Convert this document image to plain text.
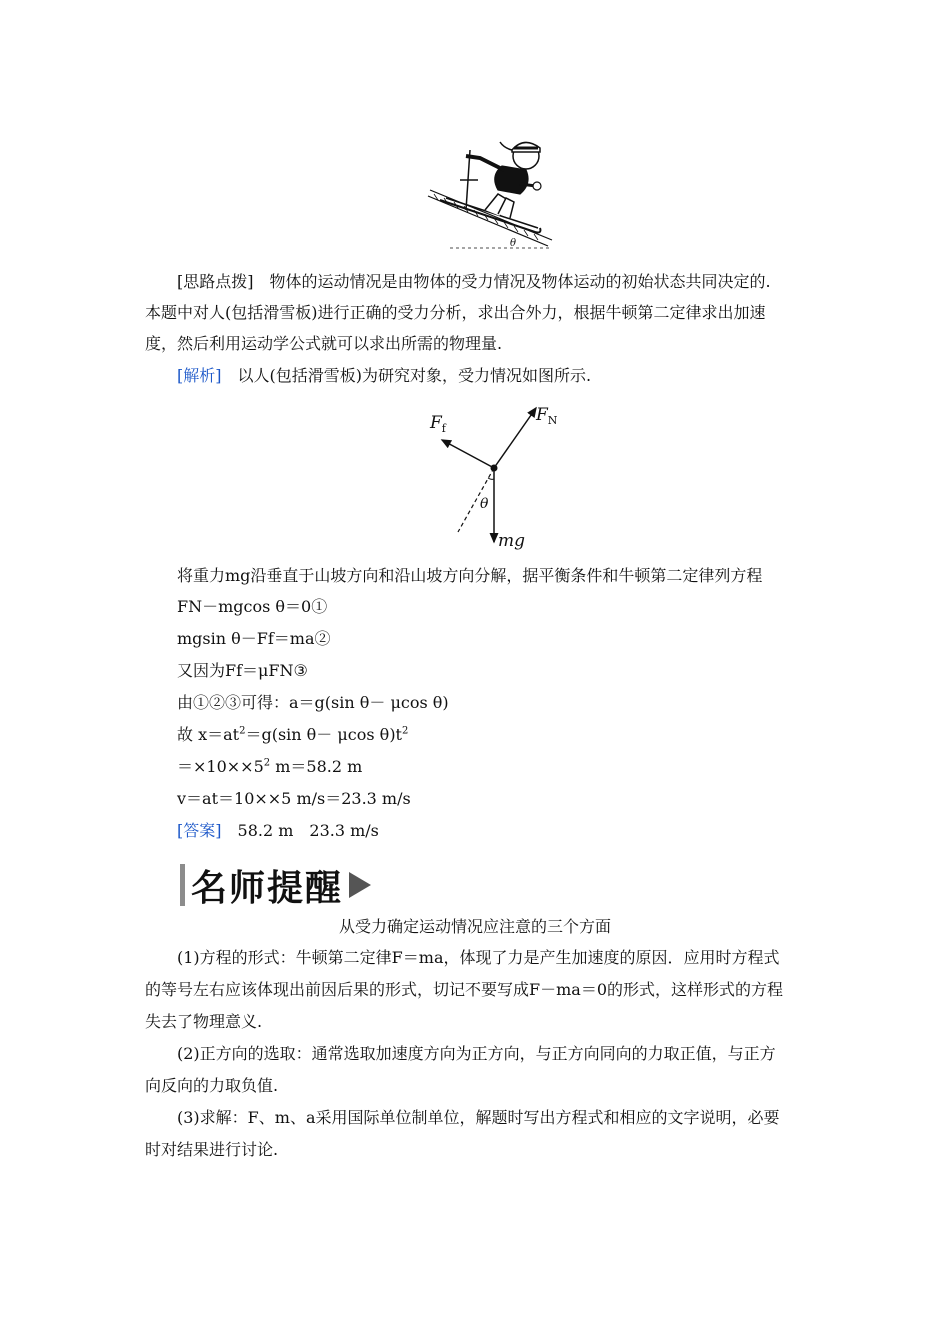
θ
[思路点拨]　 物体的运动情况是由物体的受力情况及物体运动的初始状态共同决定的.
本题中对人(包括滑雪板)进行正确的受力分析，求出合外力，根据牛顿第二定律求出加速
度，然后利用运动学公式就可以求出所需的物理量.
[解析]　 以人(包括滑雪板)为研究对象，受力情况如图所示.
$F_f$
$F_N$
θ
mg
将重力mg沿垂直于山坡方向和沿山坡方向分解，据平衡条件和牛顿第二定律列方程
FN－mgcos θ＝0①
mgsin θ－Ff＝ma②
又因为Ff＝μFN③
由①②③可得：a＝g(sin θ－ μcos θ)
故 $x=at^2=g(\sin$ θ－ μcos $\theta)t^2$
$=\times 10\times\times 5^2$ m＝58.2 m
v＝at＝10××5 m/s＝23.3 m/s
[答案]　 58.2 m　23.3 m/s
名师提醒
从受力确定运动情况应注意的三个方面
(1)方程的形式：牛顿第二定律F＝ma，体现了力是产生加速度的原因．应用时方程式
的等号左右应该体现出前因后果的形式，切记不要写成F－ma＝0的形式，这样形式的方程
失去了物理意义.
(2)正方向的选取：通常选取加速度方向为正方向，与正方向同向的力取正值，与正方
向反向的力取负值.
(3)求解：F、m、a采用国际单位制单位，解题时写出方程式和相应的文字说明，必要
时对结果进行讨论.
